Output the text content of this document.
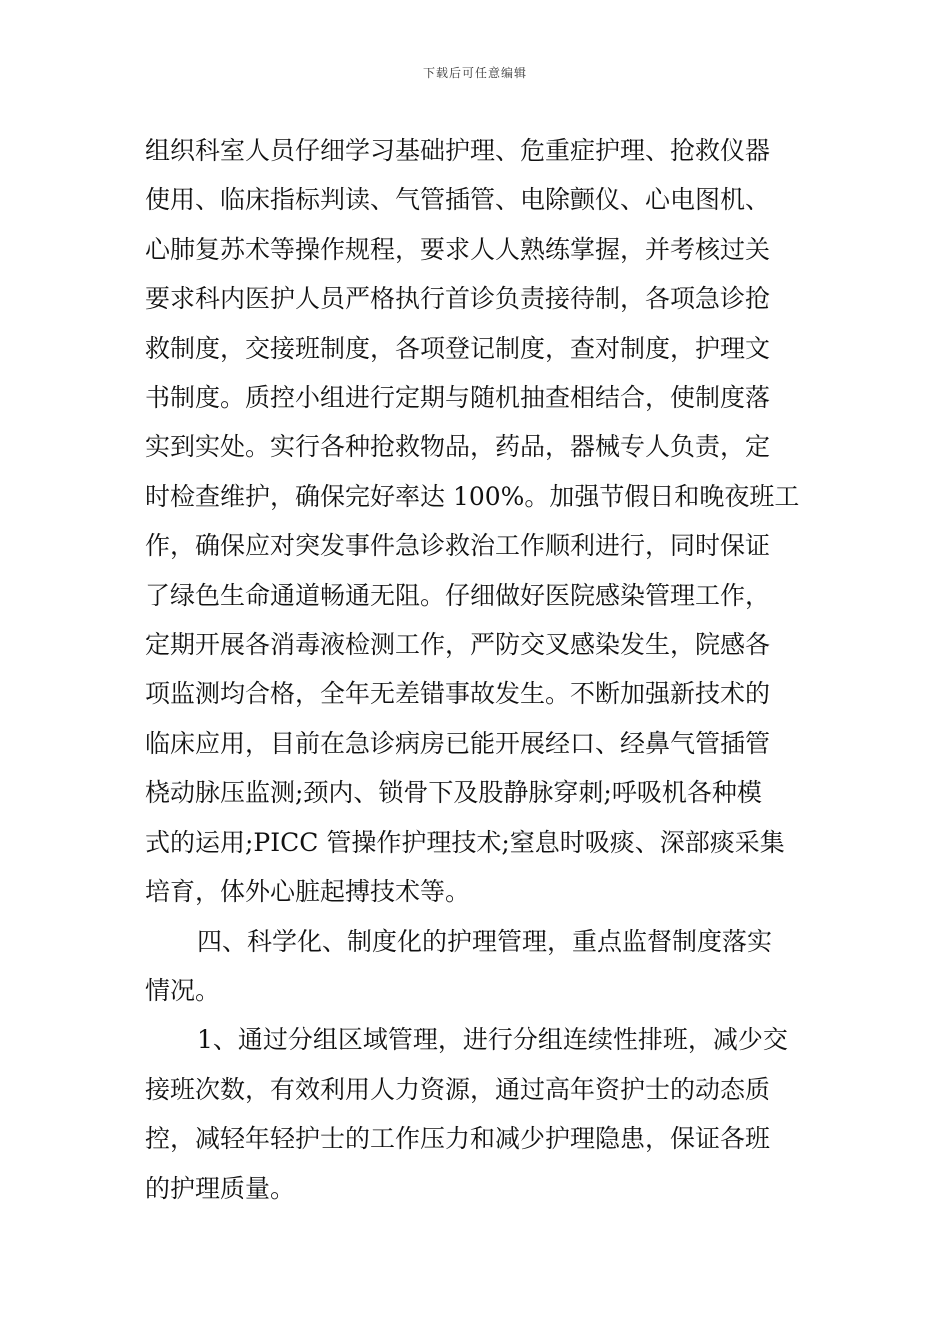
下载后可任意编辑

组织科室人员仔细学习基础护理、危重症护理、抢救仪器
使用、临床指标判读、气管插管、电除颤仪、心电图机、
心肺复苏术等操作规程，要求人人熟练掌握，并考核过关
要求科内医护人员严格执行首诊负责接待制，各项急诊抢
救制度，交接班制度，各项登记制度，查对制度，护理文
书制度。质控小组进行定期与随机抽查相结合，使制度落
实到实处。实行各种抢救物品，药品，器械专人负责，定
时检查维护，确保完好率达 100%。加强节假日和晚夜班工
作，确保应对突发事件急诊救治工作顺利进行，同时保证
了绿色生命通道畅通无阻。仔细做好医院感染管理工作，
定期开展各消毒液检测工作，严防交叉感染发生，院感各
项监测均合格，全年无差错事故发生。不断加强新技术的
临床应用，目前在急诊病房已能开展经口、经鼻气管插管
桡动脉压监测;颈内、锁骨下及股静脉穿刺;呼吸机各种模
式的运用;PICC 管操作护理技术;窒息时吸痰、深部痰采集
培育，体外心脏起搏技术等。

四、科学化、制度化的护理管理，重点监督制度落实
情况。

1、通过分组区域管理，进行分组连续性排班，减少交
接班次数，有效利用人力资源，通过高年资护士的动态质
控，减轻年轻护士的工作压力和减少护理隐患，保证各班
的护理质量。
